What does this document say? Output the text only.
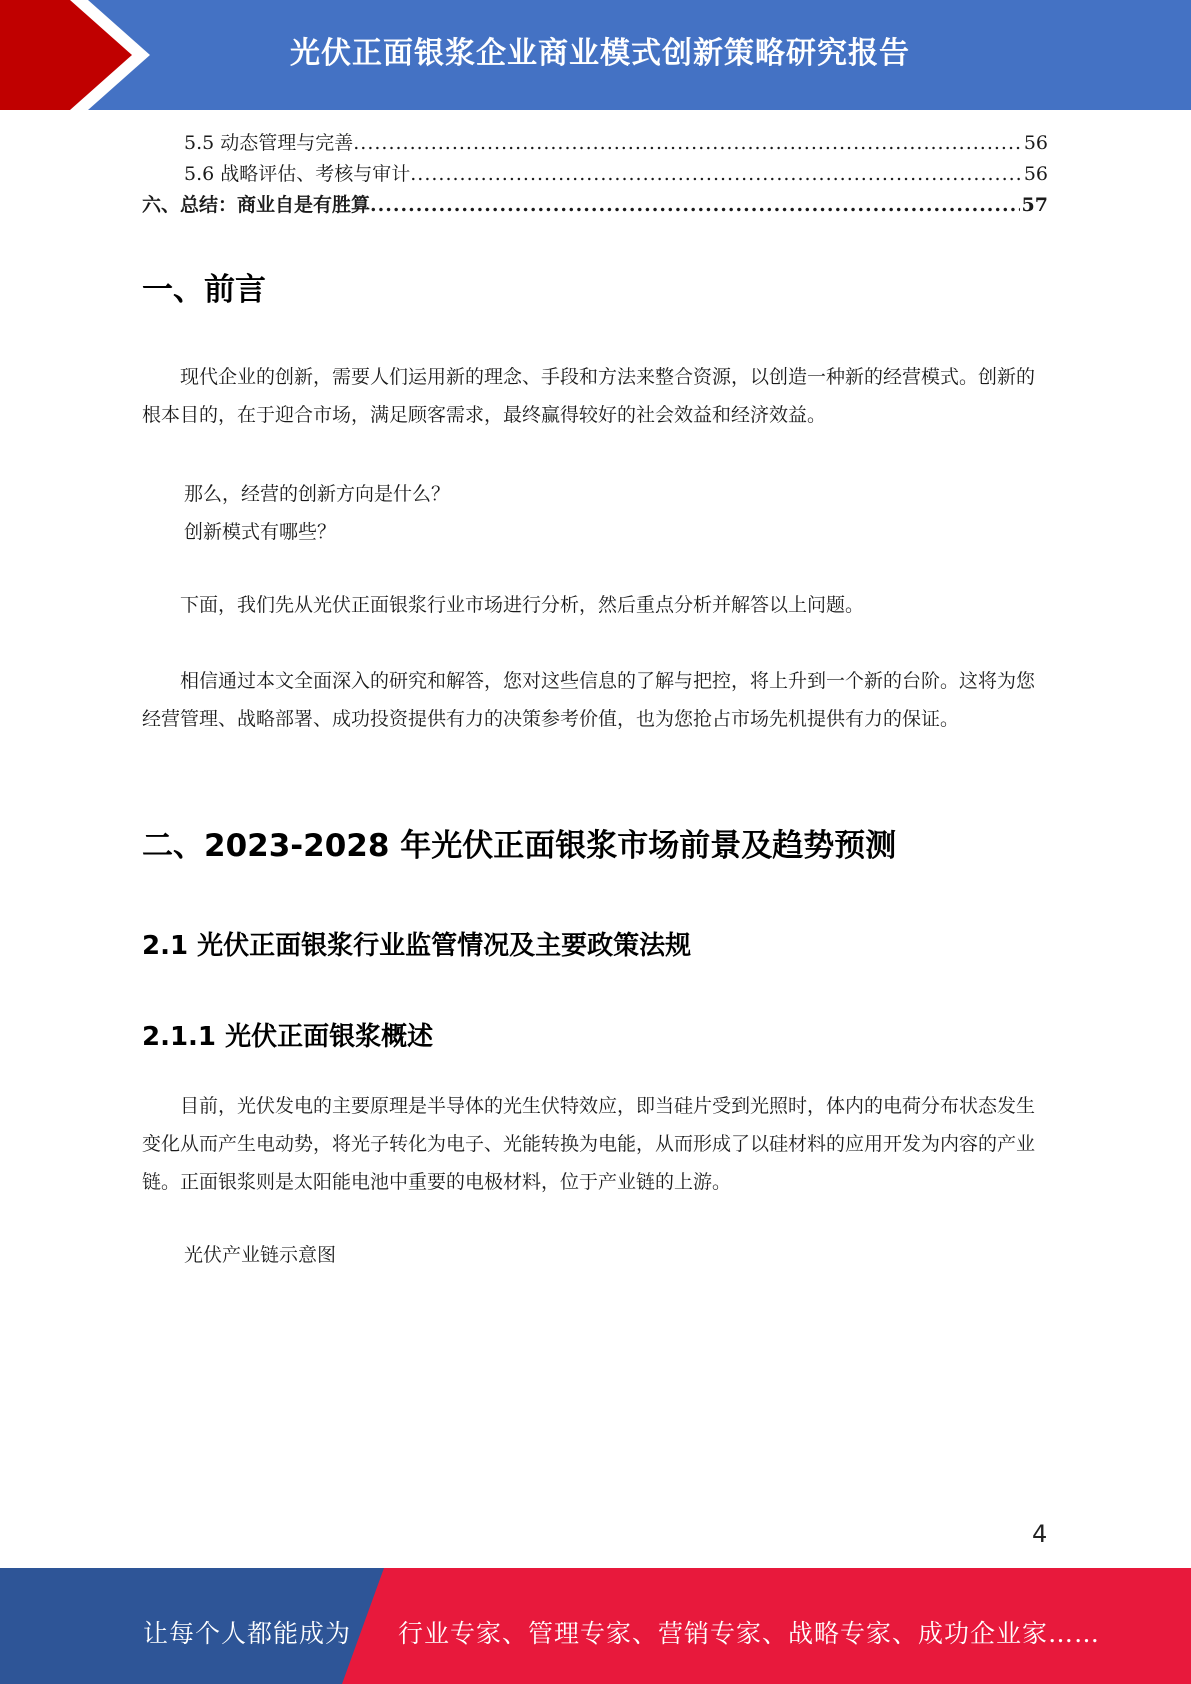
光伏正面银浆企业商业模式创新策略研究报告
5.5 动态管理与完善 .....	56
5.6 战略评估、考核与审计 .....	56
六、总结：商业自是有胜算 .....	57
一、前言

现代企业的创新，需要人们运用新的理念、手段和方法来整合资源，以创造一种新的经营模式。创新的根本目的，在于迎合市场，满足顾客需求，最终赢得较好的社会效益和经济效益。

那么，经营的创新方向是什么？
创新模式有哪些？

下面，我们先从光伏正面银浆行业市场进行分析，然后重点分析并解答以上问题。

相信通过本文全面深入的研究和解答，您对这些信息的了解与把控，将上升到一个新的台阶。这将为您经营管理、战略部署、成功投资提供有力的决策参考价值，也为您抢占市场先机提供有力的保证。

二、2023-2028 年光伏正面银浆市场前景及趋势预测
2.1 光伏正面银浆行业监管情况及主要政策法规
2.1.1 光伏正面银浆概述

目前，光伏发电的主要原理是半导体的光生伏特效应，即当硅片受到光照时，体内的电荷分布状态发生变化从而产生电动势，将光子转化为电子、光能转换为电能，从而形成了以硅材料的应用开发为内容的产业链。正面银浆则是太阳能电池中重要的电极材料，位于产业链的上游。

光伏产业链示意图
4
让每个人都能成为 行业专家、管理专家、营销专家、战略专家、成功企业家……
